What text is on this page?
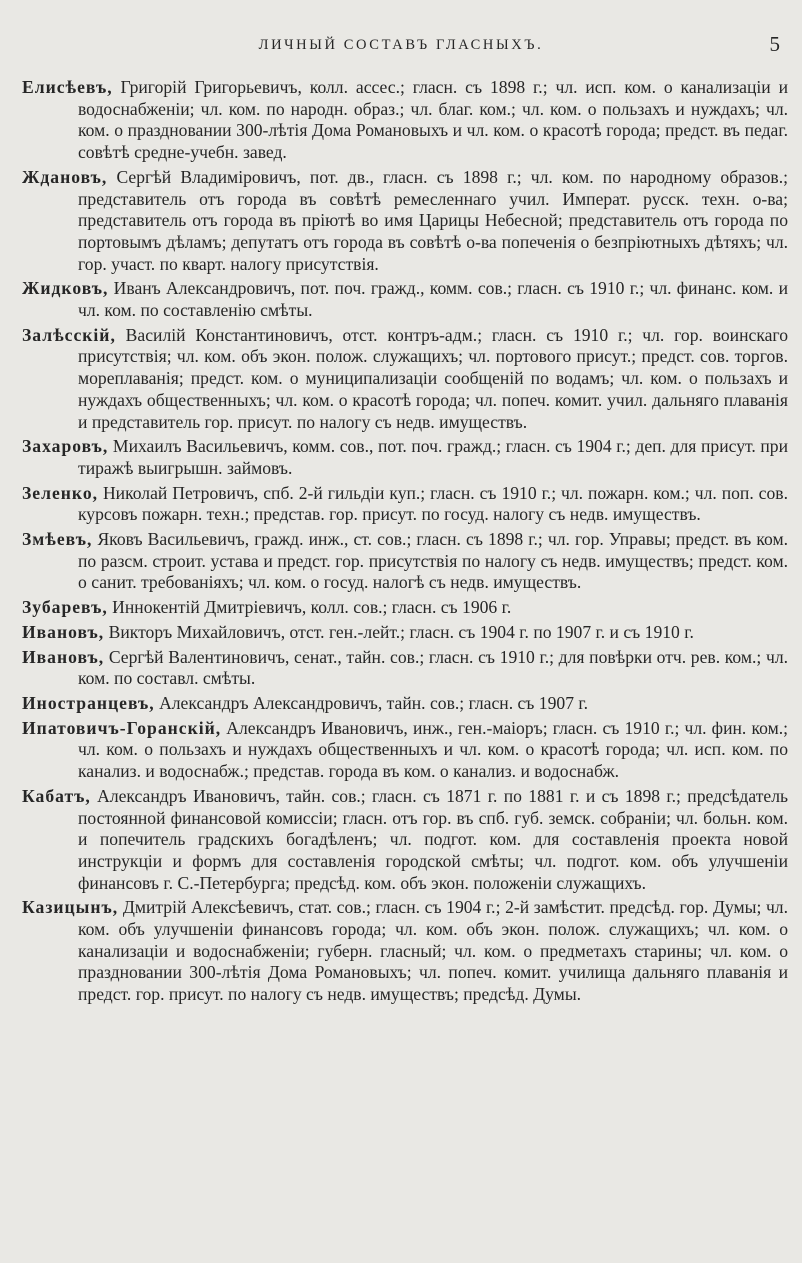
ЛИЧНЫЙ СОСТАВЪ ГЛАСНЫХЪ.	5

Елисѣевъ, Григорій Григорьевичъ, колл. ассес.; гласн. съ 1898 г.; чл. исп. ком. о канализаціи и водоснабженіи; чл. ком. по народн. образ.; чл. благ. ком.; чл. ком. о пользахъ и нуждахъ; чл. ком. о праздновании 300-лѣтія Дома Романовыхъ и чл. ком. о красотѣ города; предст. въ педаг. совѣтѣ средне-учебн. завед.

Ждановъ, Сергѣй Владиміровичъ, пот. дв., гласн. съ 1898 г.; чл. ком. по народному образов.; представитель отъ города въ совѣтѣ ремесленнаго учил. Императ. русск. техн. о-ва; представитель отъ города въ пріютѣ во имя Царицы Небесной; представитель отъ города по портовымъ дѣламъ; депутатъ отъ города въ совѣтѣ о-ва попеченія о безпріютныхъ дѣтяхъ; чл. гор. участ. по кварт. налогу присутствія.

Жидковъ, Иванъ Александровичъ, пот. поч. гражд., комм. сов.; гласн. съ 1910 г.; чл. финанс. ком. и чл. ком. по составленію смѣты.

Залѣсскій, Василій Константиновичъ, отст. контръ-адм.; гласн. съ 1910 г.; чл. гор. воинскаго присутствія; чл. ком. объ экон. полож. служащихъ; чл. портового присут.; предст. сов. торгов. мореплаванія; предст. ком. о муниципализаціи сообщеній по водамъ; чл. ком. о пользахъ и нуждахъ общественныхъ; чл. ком. о красотѣ города; чл. попеч. комит. учил. дальняго плаванія и представитель гор. присут. по налогу съ недв. имуществъ.

Захаровъ, Михаилъ Васильевичъ, комм. сов., пот. поч. гражд.; гласн. съ 1904 г.; деп. для присут. при тиражѣ выигрышн. займовъ.

Зеленко, Николай Петровичъ, спб. 2-й гильдіи куп.; гласн. съ 1910 г.; чл. пожарн. ком.; чл. поп. сов. курсовъ пожарн. техн.; представ. гор. присут. по госуд. налогу съ недв. имуществъ.

Змѣевъ, Яковъ Васильевичъ, гражд. инж., ст. сов.; гласн. съ 1898 г.; чл. гор. Управы; предст. въ ком. по разсм. строит. устава и предст. гор. присутствія по налогу съ недв. имуществъ; предст. ком. о санит. требованіяхъ; чл. ком. о госуд. налогѣ съ недв. имуществъ.

Зубаревъ, Иннокентій Дмитріевичъ, колл. сов.; гласн. съ 1906 г.

Ивановъ, Викторъ Михайловичъ, отст. ген.-лейт.; гласн. съ 1904 г. по 1907 г. и съ 1910 г.

Ивановъ, Сергѣй Валентиновичъ, сенат., тайн. сов.; гласн. съ 1910 г.; для повѣрки отч. рев. ком.; чл. ком. по составл. смѣты.

Иностранцевъ, Александръ Александровичъ, тайн. сов.; гласн. съ 1907 г.

Ипатовичъ-Горанскій, Александръ Ивановичъ, инж., ген.-маіоръ; гласн. съ 1910 г.; чл. фин. ком.; чл. ком. о пользахъ и нуждахъ общественныхъ и чл. ком. о красотѣ города; чл. исп. ком. по канализ. и водоснабж.; представ. города въ ком. о канализ. и водоснабж.

Кабатъ, Александръ Ивановичъ, тайн. сов.; гласн. съ 1871 г. по 1881 г. и съ 1898 г.; предсѣдатель постоянной финансовой комиссіи; гласн. отъ гор. въ спб. губ. земск. собраніи; чл. больн. ком. и попечитель градскихъ богадѣленъ; чл. подгот. ком. для составленія проекта новой инструкціи и формъ для составленія городской смѣты; чл. подгот. ком. объ улучшеніи финансовъ г. С.-Петербурга; предсѣд. ком. объ экон. положеніи служащихъ.

Казицынъ, Дмитрій Алексѣевичъ, стат. сов.; гласн. съ 1904 г.; 2-й замѣстит. предсѣд. гор. Думы; чл. ком. объ улучшеніи финансовъ города; чл. ком. объ экон. полож. служащихъ; чл. ком. о канализаціи и водоснабженіи; губерн. гласный; чл. ком. о предметахъ старины; чл. ком. о праздновании 300-лѣтія Дома Романовыхъ; чл. попеч. комит. училища дальняго плаванія и предст. гор. присут. по налогу съ недв. имуществъ; предсѣд. Думы.
